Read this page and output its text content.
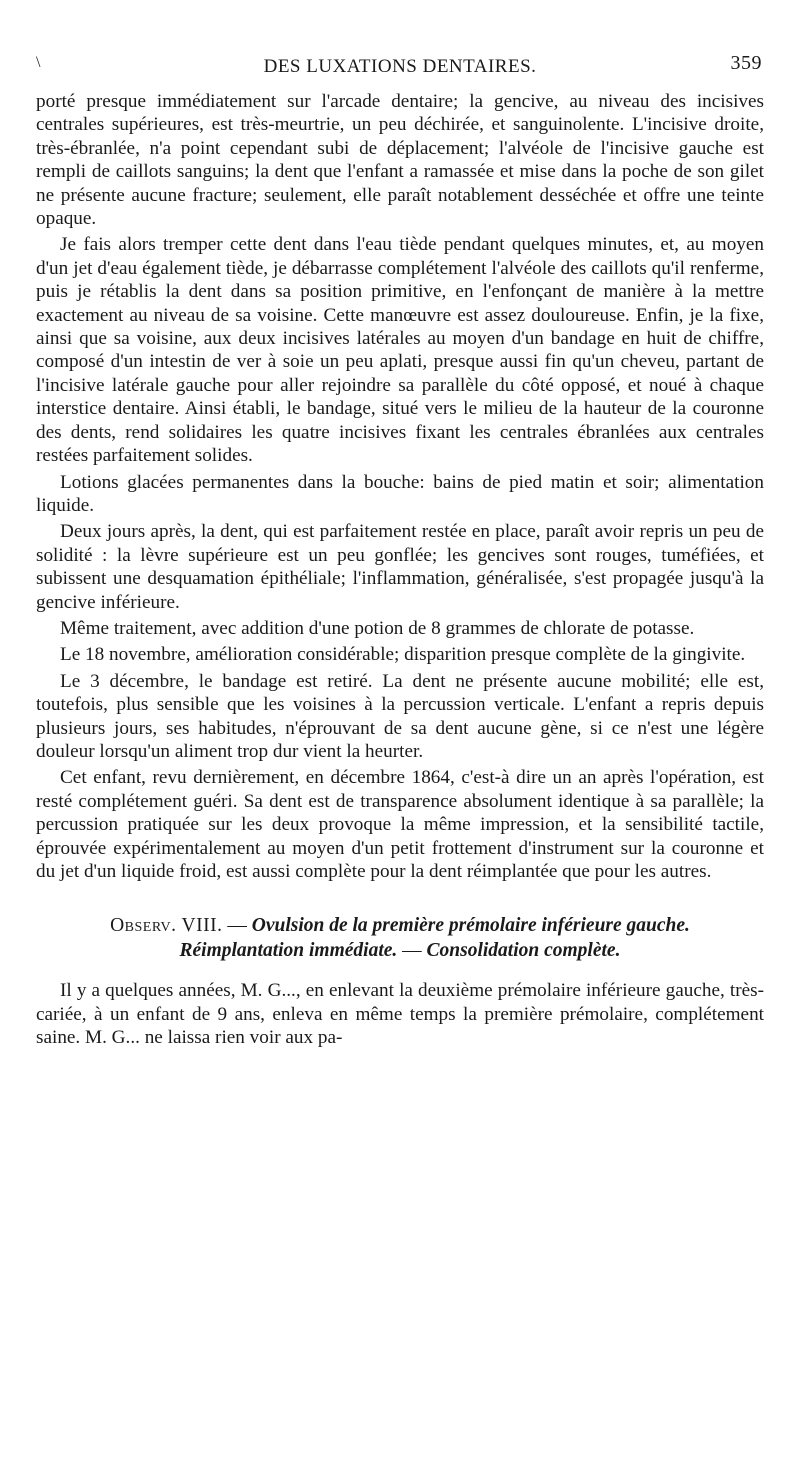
\	DES LUXATIONS DENTAIRES.	359

porté presque immédiatement sur l'arcade dentaire; la gencive, au niveau des incisives centrales supérieures, est très-meurtrie, un peu déchirée, et sanguinolente. L'incisive droite, très-ébranlée, n'a point cependant subi de déplacement; l'alvéole de l'incisive gauche est rempli de caillots sanguins; la dent que l'enfant a ramassée et mise dans la poche de son gilet ne présente aucune fracture; seulement, elle paraît notablement desséchée et offre une teinte opaque.

Je fais alors tremper cette dent dans l'eau tiède pendant quelques minutes, et, au moyen d'un jet d'eau également tiède, je débarrasse complétement l'alvéole des caillots qu'il renferme, puis je rétablis la dent dans sa position primitive, en l'enfonçant de manière à la mettre exactement au niveau de sa voisine. Cette manœuvre est assez douloureuse. Enfin, je la fixe, ainsi que sa voisine, aux deux incisives latérales au moyen d'un bandage en huit de chiffre, composé d'un intestin de ver à soie un peu aplati, presque aussi fin qu'un cheveu, partant de l'incisive latérale gauche pour aller rejoindre sa parallèle du côté opposé, et noué à chaque interstice dentaire. Ainsi établi, le bandage, situé vers le milieu de la hauteur de la couronne des dents, rend solidaires les quatre incisives fixant les centrales ébranlées aux centrales restées parfaitement solides.

Lotions glacées permanentes dans la bouche: bains de pied matin et soir; alimentation liquide.

Deux jours après, la dent, qui est parfaitement restée en place, paraît avoir repris un peu de solidité : la lèvre supérieure est un peu gonflée; les gencives sont rouges, tuméfiées, et subissent une desquamation épithéliale; l'inflammation, généralisée, s'est propagée jusqu'à la gencive inférieure.

Même traitement, avec addition d'une potion de 8 grammes de chlorate de potasse.

Le 18 novembre, amélioration considérable; disparition presque complète de la gingivite.

Le 3 décembre, le bandage est retiré. La dent ne présente aucune mobilité; elle est, toutefois, plus sensible que les voisines à la percussion verticale. L'enfant a repris depuis plusieurs jours, ses habitudes, n'éprouvant de sa dent aucune gène, si ce n'est une légère douleur lorsqu'un aliment trop dur vient la heurter.

Cet enfant, revu dernièrement, en décembre 1864, c'est-à dire un an après l'opération, est resté complétement guéri. Sa dent est de transparence absolument identique à sa parallèle; la percussion pratiquée sur les deux provoque la même impression, et la sensibilité tactile, éprouvée expérimentalement au moyen d'un petit frottement d'instrument sur la couronne et du jet d'un liquide froid, est aussi complète pour la dent réimplantée que pour les autres.

Observ. VIII. — Ovulsion de la première prémolaire inférieure gauche.
Réimplantation immédiate. — Consolidation complète.

Il y a quelques années, M. G..., en enlevant la deuxième prémolaire inférieure gauche, très-cariée, à un enfant de 9 ans, enleva en même temps la première prémolaire, complétement saine. M. G... ne laissa rien voir aux pa-
